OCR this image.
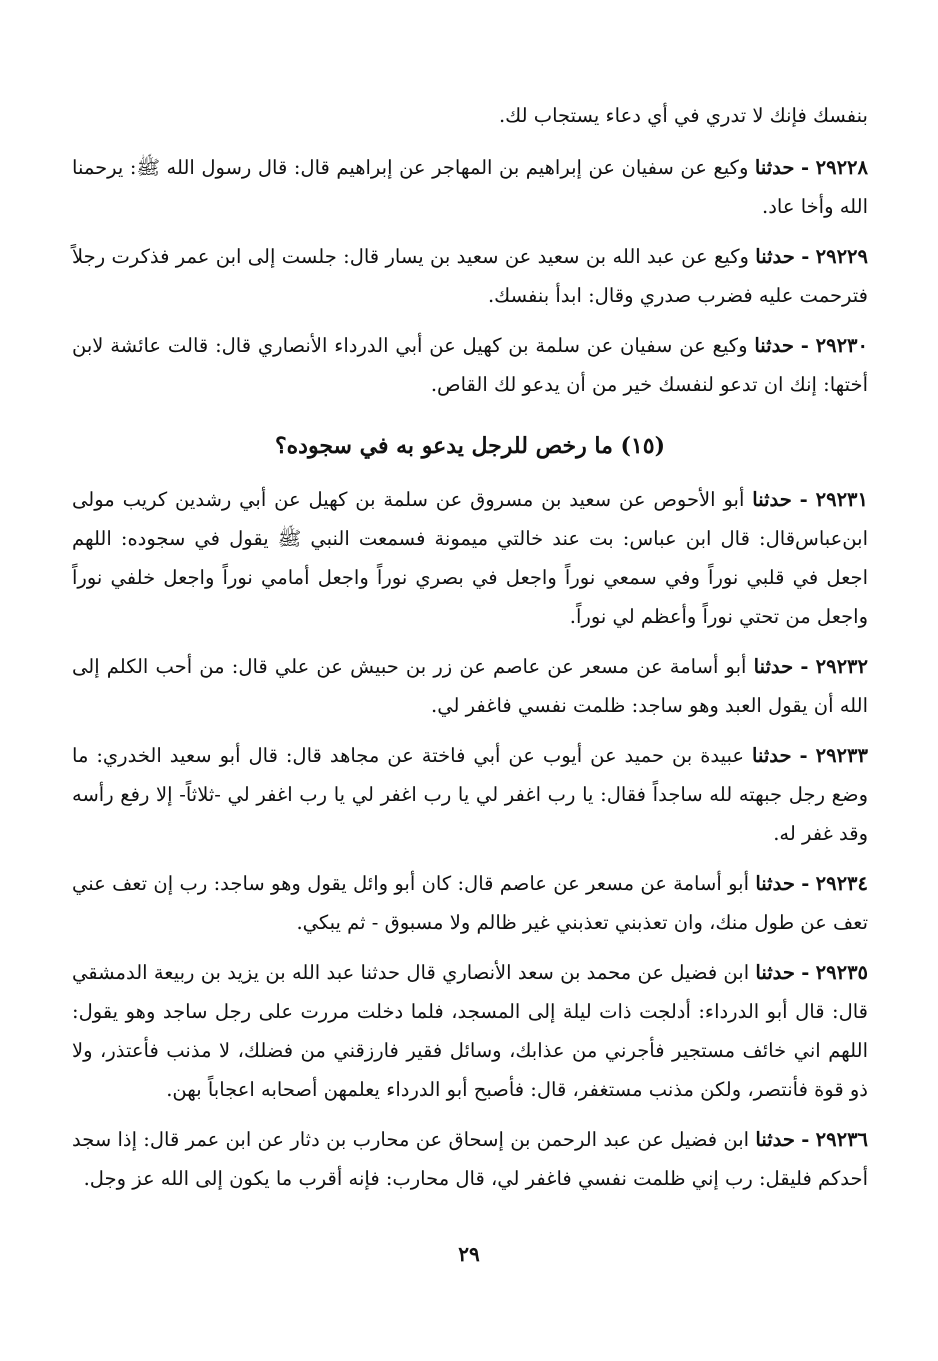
بنفسك فإنك لا تدري في أي دعاء يستجاب لك.

٢٩٢٢٨ - حدثنا وكيع عن سفيان عن إبراهيم بن المهاجر عن إبراهيم قال: قال رسول الله ﷺ: يرحمنا الله وأخا عاد.

٢٩٢٢٩ - حدثنا وكيع عن عبد الله بن سعيد عن سعيد بن يسار قال: جلست إلى ابن عمر فذكرت رجلاً فترحمت عليه فضرب صدري وقال: ابدأ بنفسك.

٢٩٢٣٠ - حدثنا وكيع عن سفيان عن سلمة بن كهيل عن أبي الدرداء الأنصاري قال: قالت عائشة لابن أختها: إنك ان تدعو لنفسك خير من أن يدعو لك القاص.

(١٥) ما رخص للرجل يدعو به في سجوده؟

٢٩٢٣١ - حدثنا أبو الأحوص عن سعيد بن مسروق عن سلمة بن كهيل عن أبي رشدين كريب مولى ابن‌عباس‌قال: قال ابن عباس: بت عند خالتي ميمونة فسمعت النبي ﷺ يقول في سجوده: اللهم اجعل في قلبي نوراً وفي سمعي نوراً واجعل في بصري نوراً واجعل أمامي نوراً واجعل خلفي نوراً واجعل من تحتي نوراً وأعظم لي نوراً.

٢٩٢٣٢ - حدثنا أبو أسامة عن مسعر عن عاصم عن زر بن حبيش عن علي قال: من أحب الكلم إلى الله أن يقول العبد وهو ساجد: ظلمت نفسي فاغفر لي.

٢٩٢٣٣ - حدثنا عبيدة بن حميد عن أيوب عن أبي فاختة عن مجاهد قال: قال أبو سعيد الخدري: ما وضع رجل جبهته لله ساجداً فقال: يا رب اغفر لي يا رب اغفر لي يا رب اغفر لي -ثلاثاً- إلا رفع رأسه وقد غفر له.

٢٩٢٣٤ - حدثنا أبو أسامة عن مسعر عن عاصم قال: كان أبو وائل يقول وهو ساجد: رب إن تعف عني تعف عن طول منك، وان تعذبني تعذبني غير ظالم ولا مسبوق - ثم يبكي.

٢٩٢٣٥ - حدثنا ابن فضيل عن محمد بن سعد الأنصاري قال حدثنا عبد الله بن يزيد بن ربيعة الدمشقي قال: قال أبو الدرداء: أدلجت ذات ليلة إلى المسجد، فلما دخلت مررت على رجل ساجد وهو يقول: اللهم اني خائف مستجير فأجرني من عذابك، وسائل فقير فارزقني من فضلك، لا مذنب فأعتذر، ولا ذو قوة فأنتصر، ولكن مذنب مستغفر، قال: فأصبح أبو الدرداء يعلمهن أصحابه اعجاباً بهن.

٢٩٢٣٦ - حدثنا ابن فضيل عن عبد الرحمن بن إسحاق عن محارب بن دثار عن ابن عمر قال: إذا سجد أحدكم فليقل: رب إني ظلمت نفسي فاغفر لي، قال محارب: فإنه أقرب ما يكون إلى الله عز وجل.

٢٩
